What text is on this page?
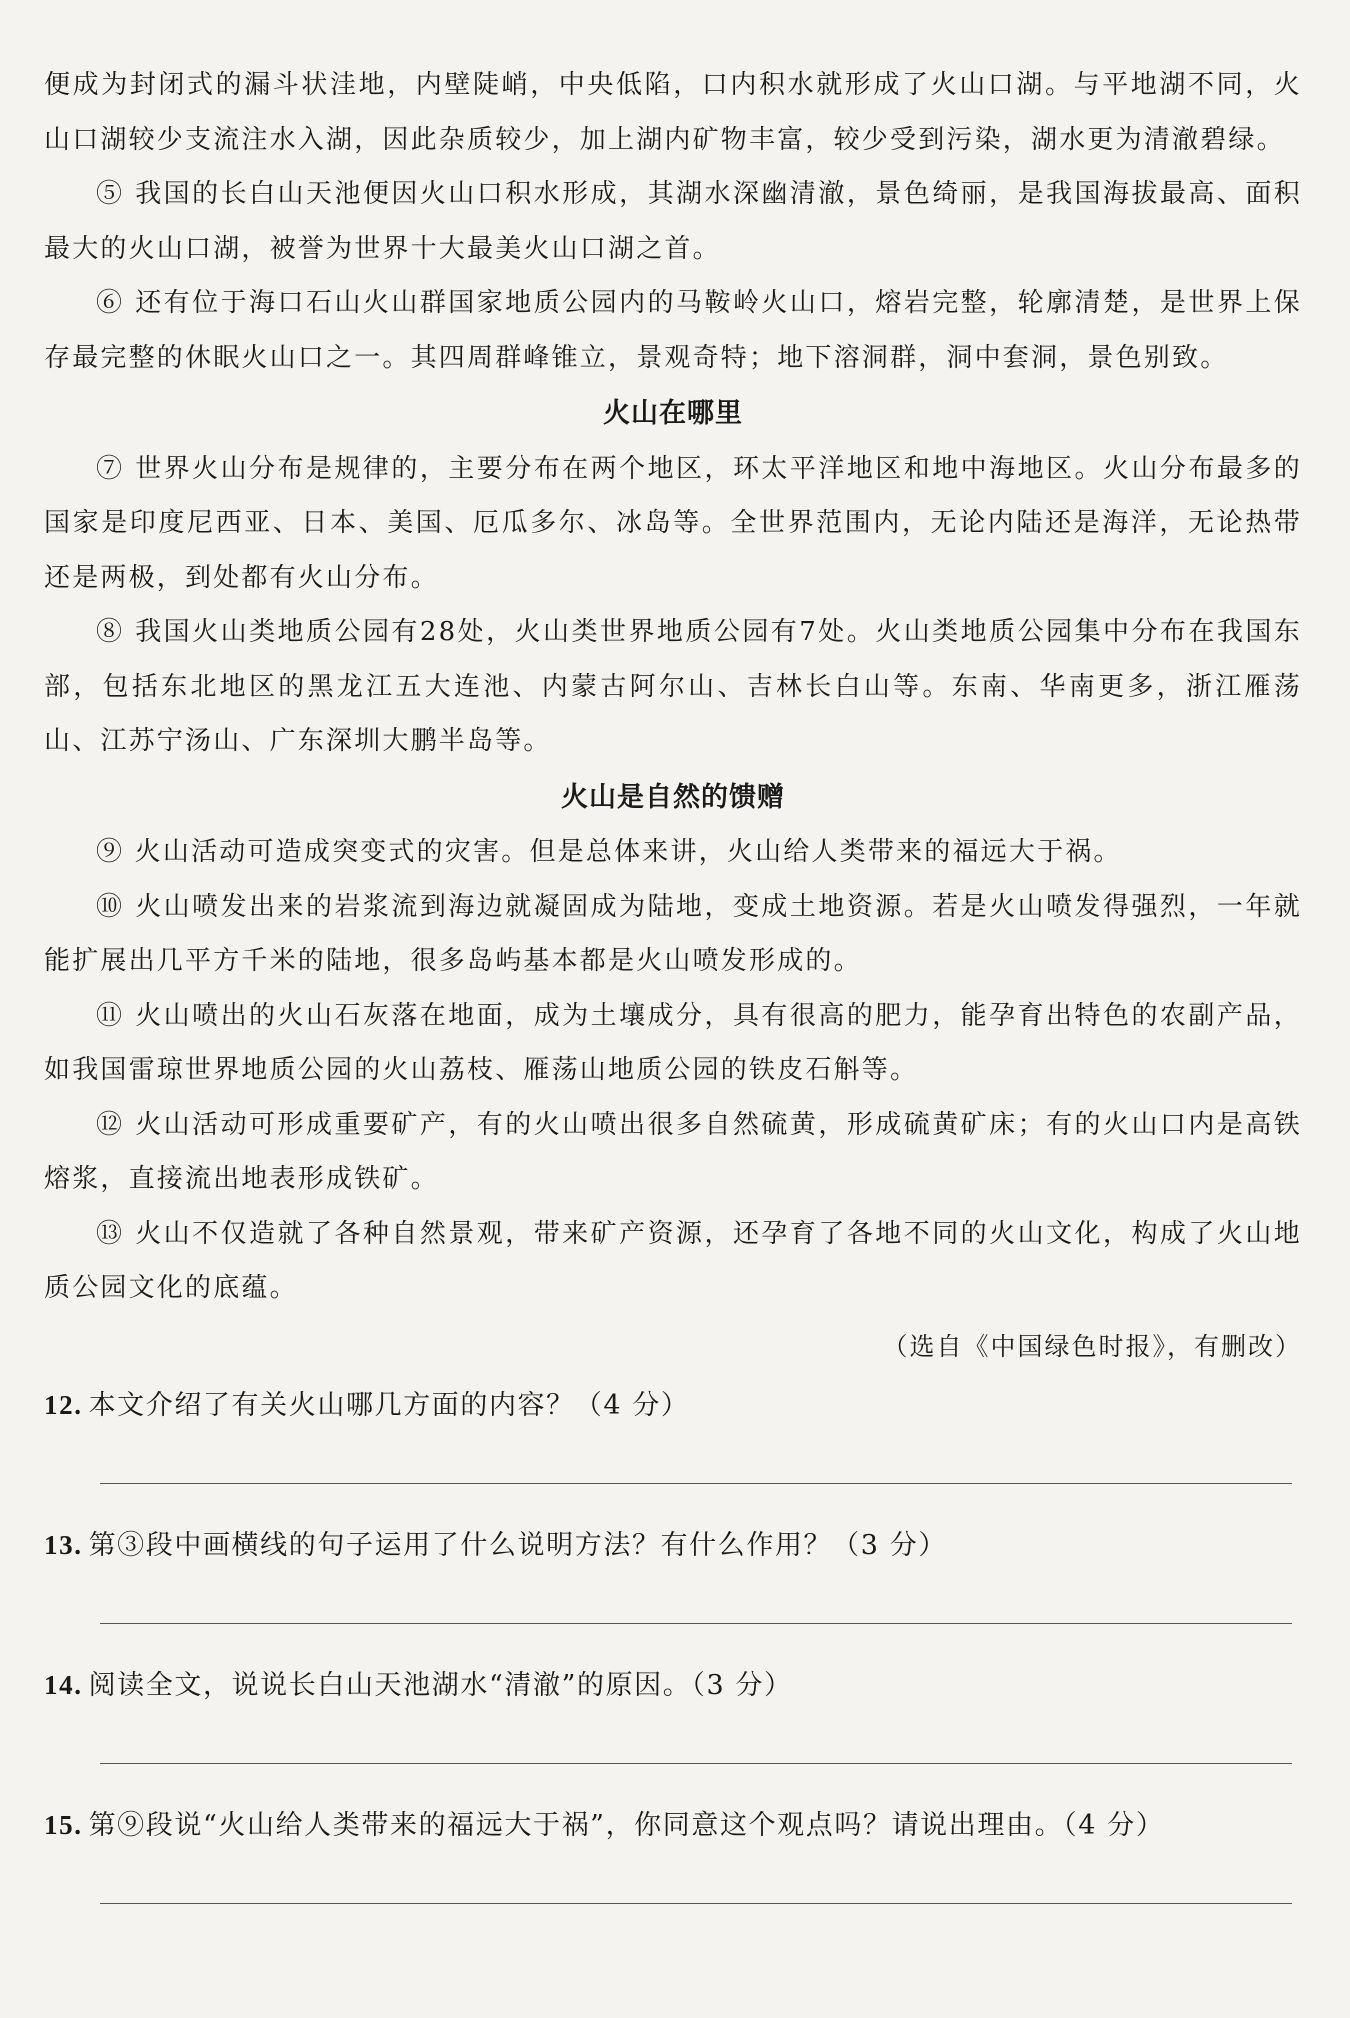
便成为封闭式的漏斗状洼地，内壁陡峭，中央低陷，口内积水就形成了火山口湖。与平地湖不同，火山口湖较少支流注水入湖，因此杂质较少，加上湖内矿物丰富，较少受到污染，湖水更为清澈碧绿。

⑤ 我国的长白山天池便因火山口积水形成，其湖水深幽清澈，景色绮丽，是我国海拔最高、面积最大的火山口湖，被誉为世界十大最美火山口湖之首。

⑥ 还有位于海口石山火山群国家地质公园内的马鞍岭火山口，熔岩完整，轮廓清楚，是世界上保存最完整的休眠火山口之一。其四周群峰锥立，景观奇特；地下溶洞群，洞中套洞，景色别致。

火山在哪里

⑦ 世界火山分布是规律的，主要分布在两个地区，环太平洋地区和地中海地区。火山分布最多的国家是印度尼西亚、日本、美国、厄瓜多尔、冰岛等。全世界范围内，无论内陆还是海洋，无论热带还是两极，到处都有火山分布。

⑧ 我国火山类地质公园有28处，火山类世界地质公园有7处。火山类地质公园集中分布在我国东部，包括东北地区的黑龙江五大连池、内蒙古阿尔山、吉林长白山等。东南、华南更多，浙江雁荡山、江苏宁汤山、广东深圳大鹏半岛等。

火山是自然的馈赠

⑨ 火山活动可造成突变式的灾害。但是总体来讲，火山给人类带来的福远大于祸。

⑩ 火山喷发出来的岩浆流到海边就凝固成为陆地，变成土地资源。若是火山喷发得强烈，一年就能扩展出几平方千米的陆地，很多岛屿基本都是火山喷发形成的。

⑪ 火山喷出的火山石灰落在地面，成为土壤成分，具有很高的肥力，能孕育出特色的农副产品，如我国雷琼世界地质公园的火山荔枝、雁荡山地质公园的铁皮石斛等。

⑫ 火山活动可形成重要矿产，有的火山喷出很多自然硫黄，形成硫黄矿床；有的火山口内是高铁熔浆，直接流出地表形成铁矿。

⑬ 火山不仅造就了各种自然景观，带来矿产资源，还孕育了各地不同的火山文化，构成了火山地质公园文化的底蕴。

（选自《中国绿色时报》，有删改）

12. 本文介绍了有关火山哪几方面的内容？（4 分）

13. 第③段中画横线的句子运用了什么说明方法？有什么作用？（3 分）

14. 阅读全文，说说长白山天池湖水“清澈”的原因。（3 分）

15. 第⑨段说“火山给人类带来的福远大于祸”，你同意这个观点吗？请说出理由。（4 分）
